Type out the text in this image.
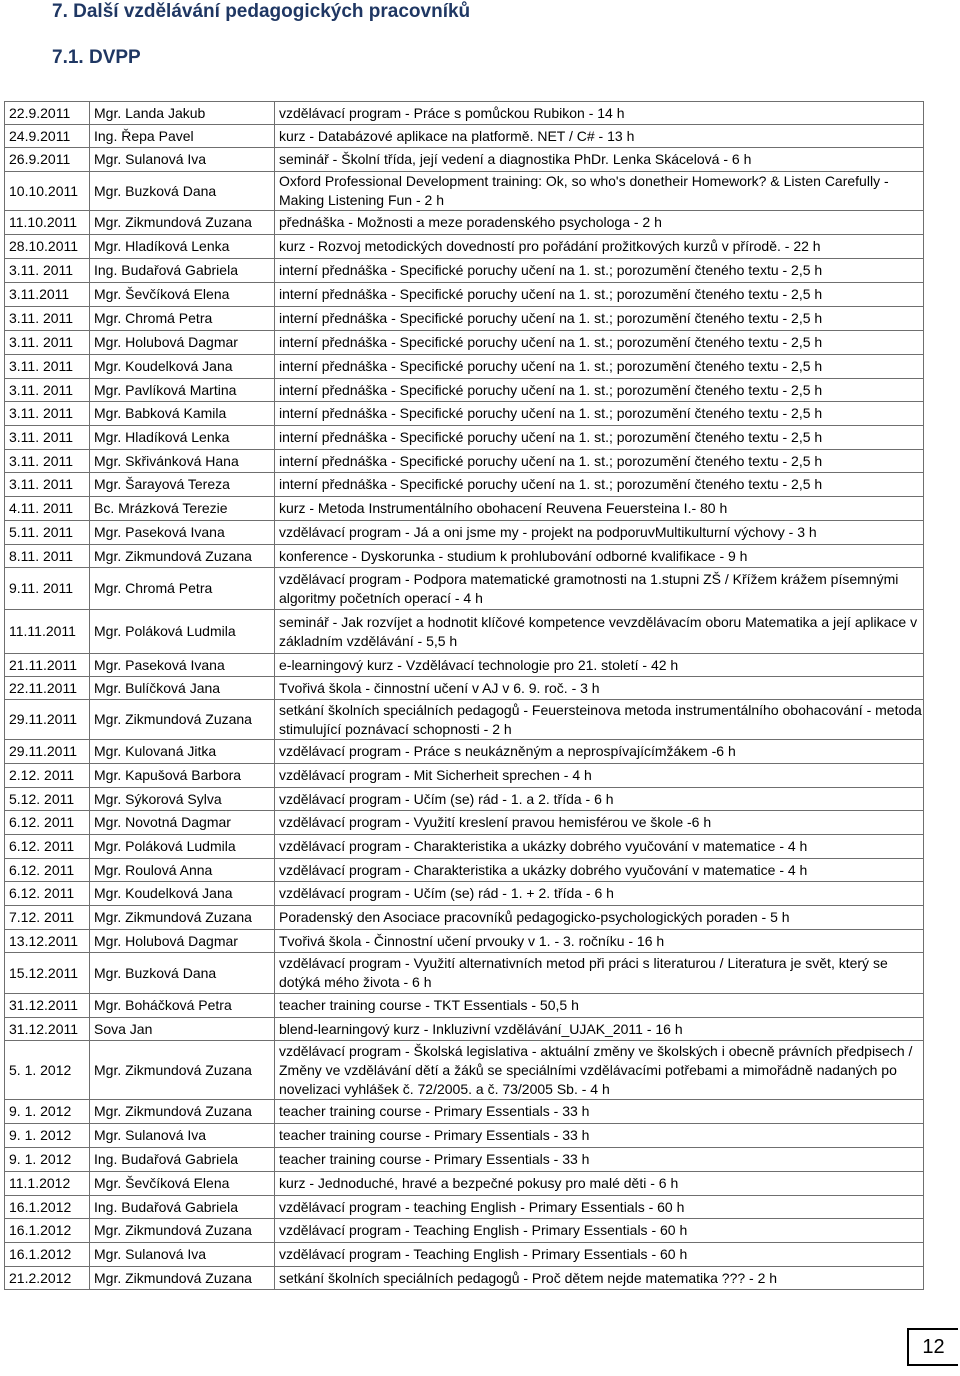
7. Další vzdělávání pedagogických pracovníků
7.1. DVPP
22.9.2011	Mgr. Landa Jakub	vzdělávací program - Práce s pomůckou Rubikon - 14 h
24.9.2011	Ing. Řepa Pavel	kurz - Databázové aplikace na platformě. NET / C# - 13 h
26.9.2011	Mgr. Sulanová Iva	seminář - Školní třída, její vedení a diagnostika PhDr. Lenka Skácelová - 6 h
10.10.2011	Mgr. Buzková Dana	Oxford Professional Development training: Ok, so who's donetheir Homework? & Listen Carefully - Making Listening Fun - 2 h
11.10.2011	Mgr. Zikmundová Zuzana	přednáška - Možnosti a meze poradenského psychologa - 2 h
28.10.2011	Mgr. Hladíková Lenka	kurz - Rozvoj metodických dovedností pro pořádání prožitkových kurzů v přírodě. - 22 h
3.11. 2011	Ing. Budařová Gabriela	interní přednáška - Specifické poruchy učení na 1. st.; porozumění čteného textu - 2,5 h
3.11.2011	Mgr. Ševčíková Elena	interní přednáška - Specifické poruchy učení na 1. st.; porozumění čteného textu - 2,5 h
3.11. 2011	Mgr. Chromá Petra	interní přednáška - Specifické poruchy učení na 1. st.; porozumění čteného textu - 2,5 h
3.11. 2011	Mgr. Holubová Dagmar	interní přednáška - Specifické poruchy učení na 1. st.; porozumění čteného textu - 2,5 h
3.11. 2011	Mgr. Koudelková Jana	interní přednáška - Specifické poruchy učení na 1. st.; porozumění čteného textu - 2,5 h
3.11. 2011	Mgr. Pavlíková Martina	interní přednáška - Specifické poruchy učení na 1. st.; porozumění čteného textu - 2,5 h
3.11. 2011	Mgr. Babková Kamila	interní přednáška - Specifické poruchy učení na 1. st.; porozumění čteného textu - 2,5 h
3.11. 2011	Mgr. Hladíková Lenka	interní přednáška - Specifické poruchy učení na 1. st.; porozumění čteného textu - 2,5 h
3.11. 2011	Mgr. Skřivánková Hana	interní přednáška - Specifické poruchy učení na 1. st.; porozumění čteného textu - 2,5 h
3.11. 2011	Mgr. Šarayová Tereza	interní přednáška - Specifické poruchy učení na 1. st.; porozumění čteného textu - 2,5 h
4.11. 2011	Bc. Mrázková Terezie	kurz - Metoda Instrumentálního obohacení Reuvena Feuersteina I.- 80 h
5.11. 2011	Mgr. Paseková Ivana	vzdělávací program - Já a oni jsme my - projekt na podporuvMultikulturní výchovy - 3 h
8.11. 2011	Mgr. Zikmundová Zuzana	konference - Dyskorunka - studium k prohlubování odborné kvalifikace - 9 h
9.11. 2011	Mgr. Chromá Petra	vzdělávací program - Podpora matematické gramotnosti na 1.stupni ZŠ / Křížem krážem písemnými algoritmy početních operací - 4 h
11.11.2011	Mgr. Poláková Ludmila	seminář - Jak rozvíjet a hodnotit klíčové kompetence vevzdělávacím oboru Matematika a její aplikace v základním vzdělávání - 5,5 h
21.11.2011	Mgr. Paseková Ivana	e-learningový kurz - Vzdělávací technologie pro 21. století - 42 h
22.11.2011	Mgr. Bulíčková Jana	Tvořivá škola - činnostní učení v AJ v 6. 9. roč. - 3 h
29.11.2011	Mgr. Zikmundová Zuzana	setkání školních speciálních pedagogů - Feuersteinova metoda instrumentálního obohacování - metoda stimulující poznávací schopnosti - 2 h
29.11.2011	Mgr. Kulovaná Jitka	vzdělávací program - Práce s neukázněným a neprospívajícímžákem -6 h
2.12. 2011	Mgr. Kapušová Barbora	vzdělávací program - Mit Sicherheit sprechen - 4 h
5.12. 2011	Mgr. Sýkorová Sylva	vzdělávací program - Učím (se) rád - 1. a 2. třída - 6 h
6.12. 2011	Mgr. Novotná Dagmar	vzdělávací program - Využití kreslení pravou hemisférou ve škole -6 h
6.12. 2011	Mgr. Poláková Ludmila	vzdělávací program - Charakteristika a ukázky dobrého vyučování v matematice - 4 h
6.12. 2011	Mgr. Roulová Anna	vzdělávací program - Charakteristika a ukázky dobrého vyučování v matematice - 4 h
6.12. 2011	Mgr. Koudelková Jana	vzdělávací program - Učím (se) rád - 1. + 2. třída - 6 h
7.12. 2011	Mgr. Zikmundová Zuzana	Poradenský den Asociace pracovníků pedagogicko-psychologických poraden - 5 h
13.12.2011	Mgr. Holubová Dagmar	Tvořivá škola - Činnostní učení prvouky v 1. - 3. ročníku - 16 h
15.12.2011	Mgr. Buzková Dana	vzdělávací program - Využití alternativních metod při práci s literaturou / Literatura je svět, který se dotýká mého života - 6 h
31.12.2011	Mgr. Boháčková Petra	teacher training course - TKT Essentials - 50,5 h
31.12.2011	Sova Jan	blend-learningový kurz - Inkluzivní vzdělávání_UJAK_2011 - 16 h
5. 1. 2012	Mgr. Zikmundová Zuzana	vzdělávací program - Školská legislativa - aktuální změny ve školských i obecně právních předpisech / Změny ve vzdělávání dětí a žáků se speciálními vzdělávacími potřebami a mimořádně nadaných po novelizaci vyhlášek č. 72/2005. a č. 73/2005 Sb. - 4 h
9. 1. 2012	Mgr. Zikmundová Zuzana	teacher training course - Primary Essentials - 33 h
9. 1. 2012	Mgr. Sulanová Iva	teacher training course - Primary Essentials - 33 h
9. 1. 2012	Ing. Budařová Gabriela	teacher training course - Primary Essentials - 33 h
11.1.2012	Mgr. Ševčíková Elena	kurz - Jednoduché, hravé a bezpečné pokusy pro malé děti - 6 h
16.1.2012	Ing. Budařová Gabriela	vzdělávací program - teaching English - Primary Essentials - 60 h
16.1.2012	Mgr. Zikmundová Zuzana	vzdělávací program - Teaching English - Primary Essentials - 60 h
16.1.2012	Mgr. Sulanová Iva	vzdělávací program - Teaching English - Primary Essentials - 60 h
21.2.2012	Mgr. Zikmundová Zuzana	setkání školních speciálních pedagogů - Proč dětem nejde matematika ??? - 2 h
12
